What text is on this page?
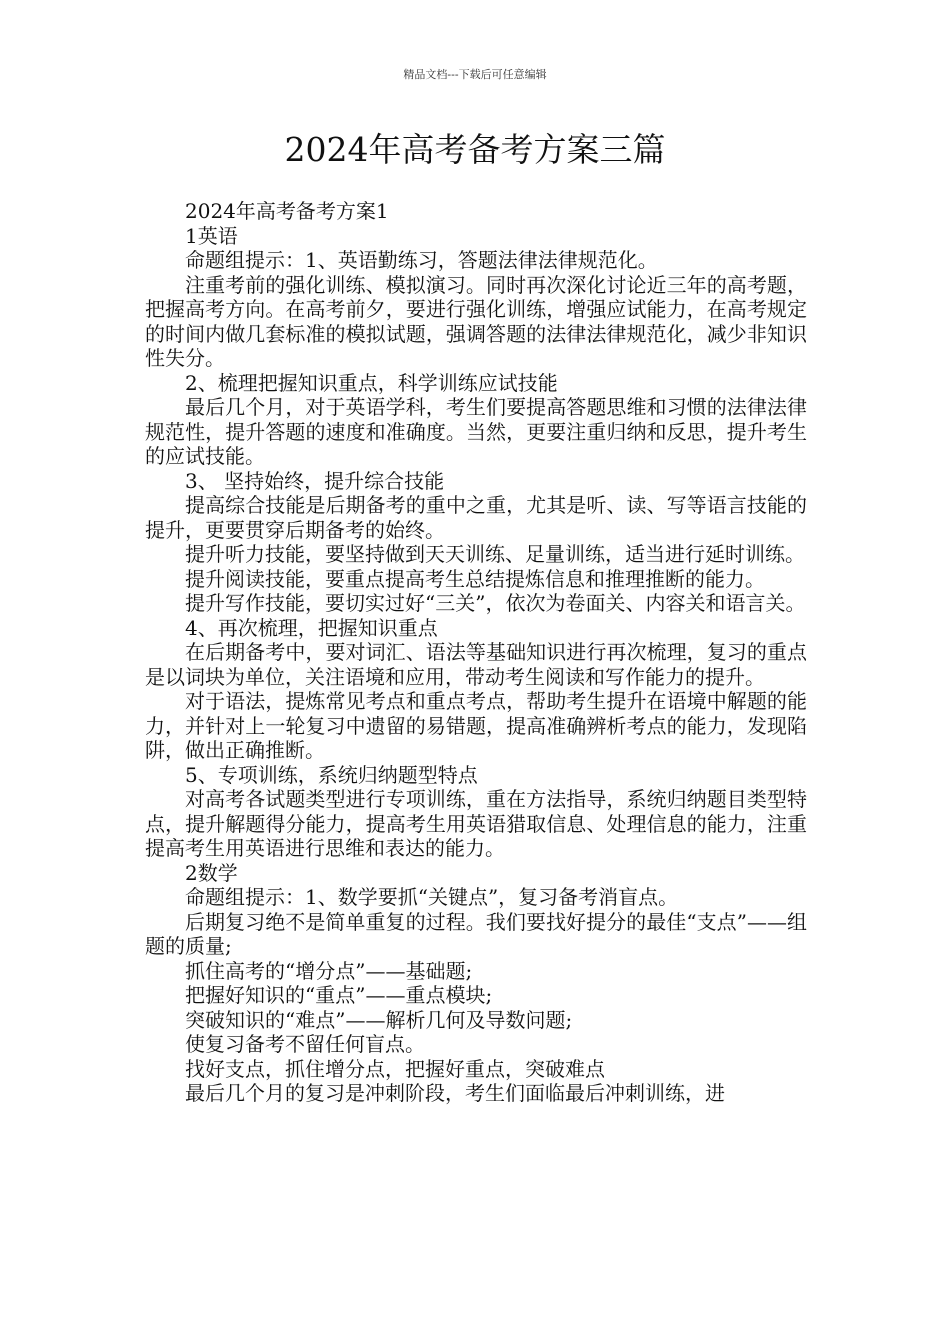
精品文档---下载后可任意编辑
2024年高考备考方案三篇

2024年高考备考方案1

1英语

命题组提示：1、英语勤练习，答题法律法律规范化。

注重考前的强化训练、模拟演习。同时再次深化讨论近三年的高考题，把握高考方向。在高考前夕，要进行强化训练，增强应试能力，在高考规定的时间内做几套标准的模拟试题，强调答题的法律法律规范化，减少非知识性失分。

2、梳理把握知识重点，科学训练应试技能

最后几个月，对于英语学科，考生们要提高答题思维和习惯的法律法律规范性，提升答题的速度和准确度。当然，更要注重归纳和反思，提升考生的应试技能。

3、 坚持始终，提升综合技能

提高综合技能是后期备考的重中之重，尤其是听、读、写等语言技能的提升，更要贯穿后期备考的始终。

提升听力技能，要坚持做到天天训练、足量训练，适当进行延时训练。

提升阅读技能，要重点提高考生总结提炼信息和推理推断的能力。

提升写作技能，要切实过好“三关”，依次为卷面关、内容关和语言关。

4、再次梳理，把握知识重点

在后期备考中，要对词汇、语法等基础知识进行再次梳理，复习的重点是以词块为单位，关注语境和应用，带动考生阅读和写作能力的提升。

对于语法，提炼常见考点和重点考点，帮助考生提升在语境中解题的能力，并针对上一轮复习中遗留的易错题，提高准确辨析考点的能力，发现陷阱，做出正确推断。

5、专项训练，系统归纳题型特点

对高考各试题类型进行专项训练，重在方法指导，系统归纳题目类型特点，提升解题得分能力，提高考生用英语猎取信息、处理信息的能力，注重提高考生用英语进行思维和表达的能力。

2数学

命题组提示：1、数学要抓“关键点”，复习备考消盲点。

后期复习绝不是简单重复的过程。我们要找好提分的最佳“支点”——组题的质量;

抓住高考的“增分点”——基础题;

把握好知识的“重点”——重点模块;

突破知识的“难点”——解析几何及导数问题;

使复习备考不留任何盲点。

找好支点，抓住增分点，把握好重点，突破难点

最后几个月的复习是冲刺阶段，考生们面临最后冲刺训练，进
